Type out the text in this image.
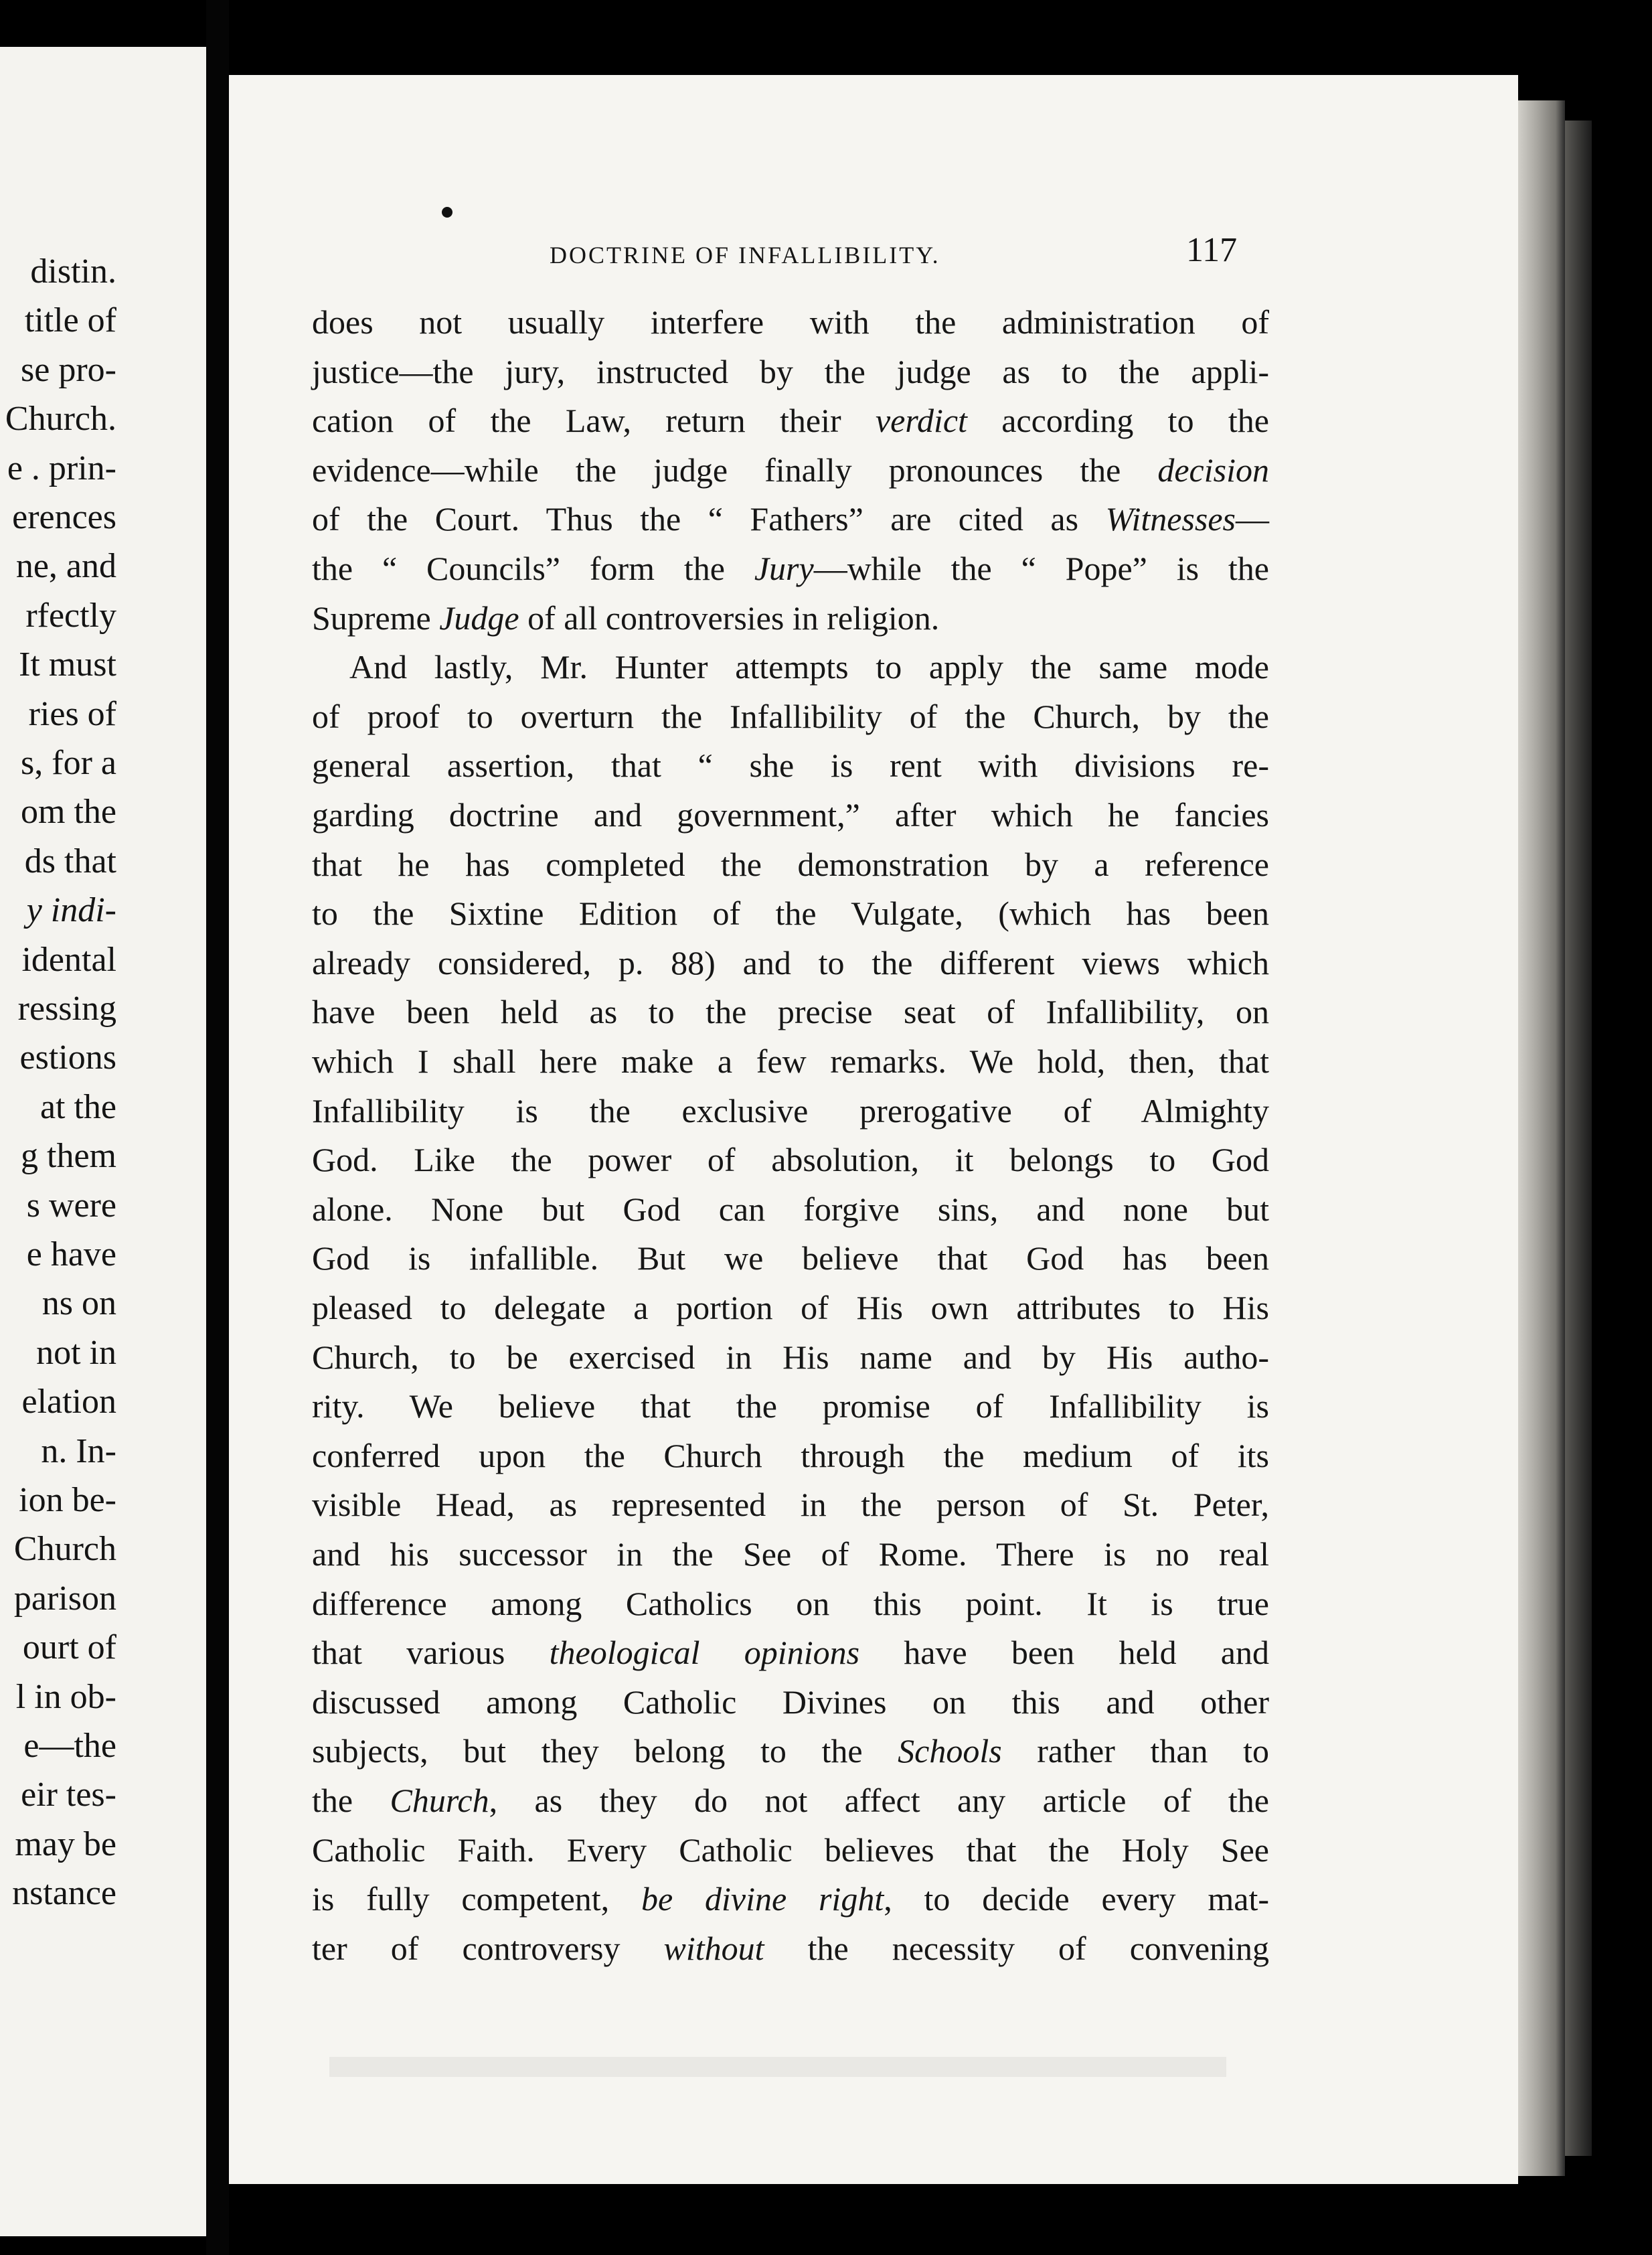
distin.
title of
se pro-
Church.
e . prin-
erences
ne, and
rfectly
It must
ries of
s, for a
om the
ds that
y indi-
idental
ressing
estions
at the
g them
s were
e have
ns on
not in
elation
n. In-
ion be-
Church
parison
ourt of
l in ob-
e—the
eir tes-
may be
nstance
DOCTRINE OF INFALLIBILITY.	117
does not usually interfere with the administration of
justice—the jury, instructed by the judge as to the appli-
cation of the Law, return their verdict according to the
evidence—while the judge finally pronounces the decision
of the Court. Thus the “ Fathers” are cited as Witnesses—
the “ Councils” form the Jury—while the “ Pope” is the
Supreme Judge of all controversies in religion.
And lastly, Mr. Hunter attempts to apply the same mode
of proof to overturn the Infallibility of the Church, by the
general assertion, that “ she is rent with divisions re-
garding doctrine and government,” after which he fancies
that he has completed the demonstration by a reference
to the Sixtine Edition of the Vulgate, (which has been
already considered, p. 88) and to the different views which
have been held as to the precise seat of Infallibility, on
which I shall here make a few remarks. We hold, then, that
Infallibility is the exclusive prerogative of Almighty
God. Like the power of absolution, it belongs to God
alone. None but God can forgive sins, and none but
God is infallible. But we believe that God has been
pleased to delegate a portion of His own attributes to His
Church, to be exercised in His name and by His autho-
rity. We believe that the promise of Infallibility is
conferred upon the Church through the medium of its
visible Head, as represented in the person of St. Peter,
and his successor in the See of Rome. There is no real
difference among Catholics on this point. It is true
that various theological opinions have been held and
discussed among Catholic Divines on this and other
subjects, but they belong to the Schools rather than to
the Church, as they do not affect any article of the
Catholic Faith. Every Catholic believes that the Holy See
is fully competent, be divine right, to decide every mat-
ter of controversy without the necessity of convening
